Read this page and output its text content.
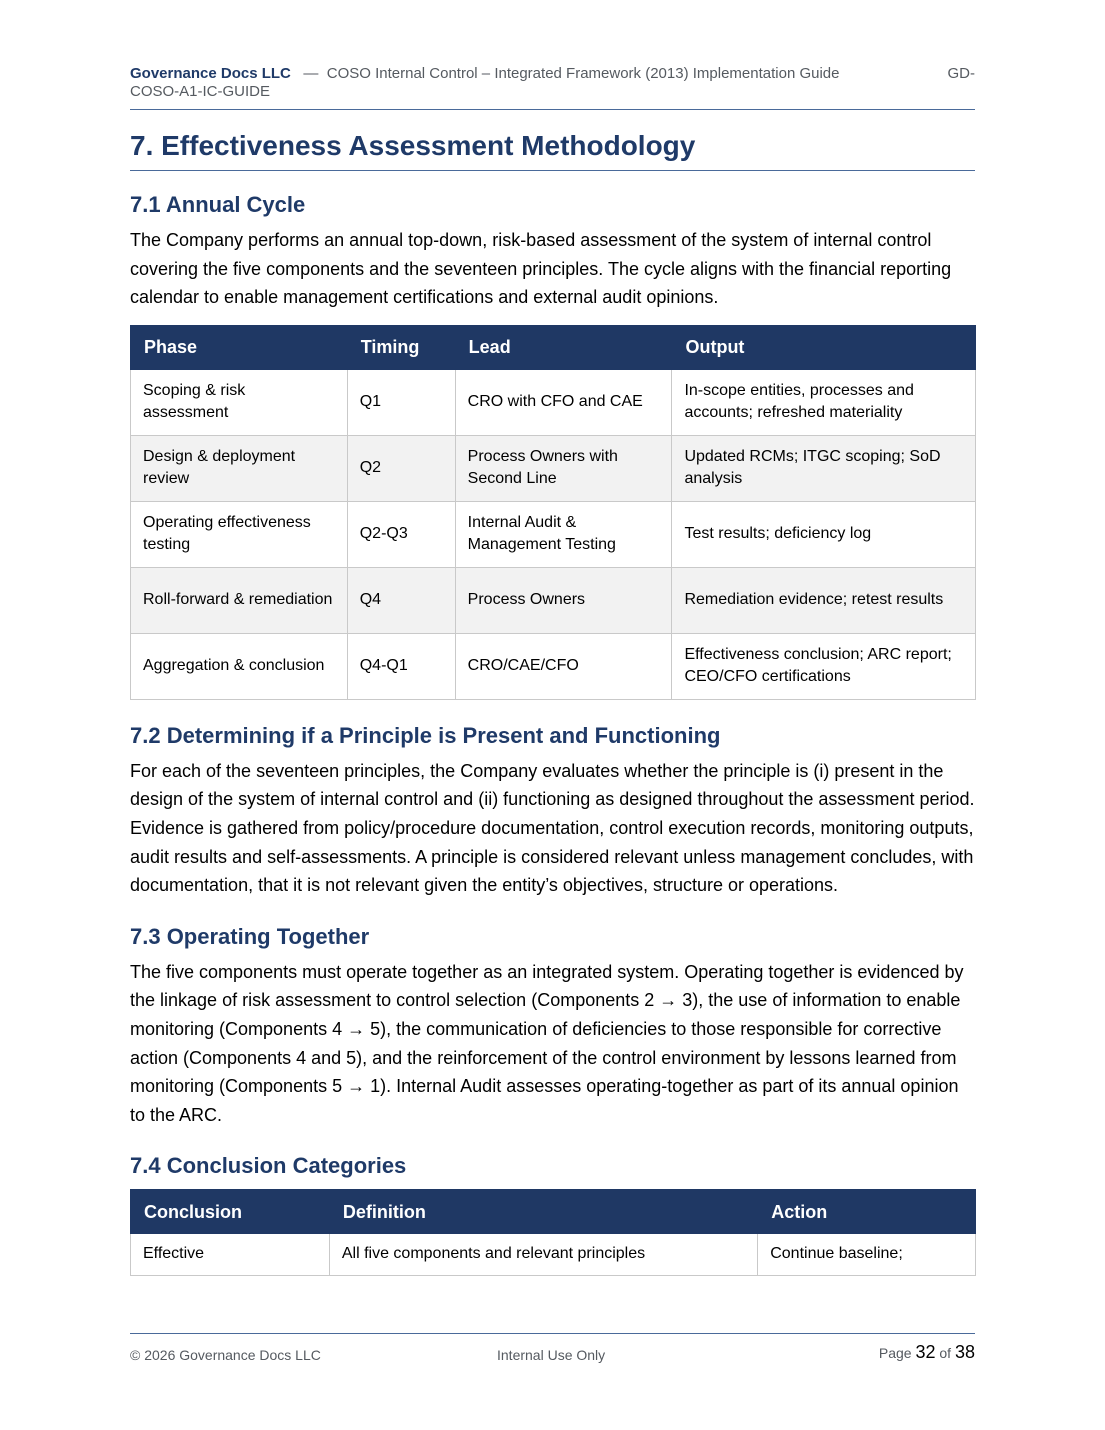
GD-
Governance Docs LLC — COSO Internal Control – Integrated Framework (2013) Implementation Guide
COSO-A1-IC-GUIDE
7. Effectiveness Assessment Methodology
7.1 Annual Cycle

The Company performs an annual top-down, risk-based assessment of the system of internal control covering the five components and the seventeen principles. The cycle aligns with the financial reporting calendar to enable management certifications and external audit opinions.

Phase	Timing	Lead	Output
Scoping & risk assessment	Q1	CRO with CFO and CAE	In-scope entities, processes and accounts; refreshed materiality
Design & deployment review	Q2	Process Owners with Second Line	Updated RCMs; ITGC scoping; SoD analysis
Operating effectiveness testing	Q2-Q3	Internal Audit & Management Testing	Test results; deficiency log
Roll-forward & remediation	Q4	Process Owners	Remediation evidence; retest results
Aggregation & conclusion	Q4-Q1	CRO/CAE/CFO	Effectiveness conclusion; ARC report; CEO/CFO certifications
7.2 Determining if a Principle is Present and Functioning

For each of the seventeen principles, the Company evaluates whether the principle is (i) present in the design of the system of internal control and (ii) functioning as designed throughout the assessment period. Evidence is gathered from policy/procedure documentation, control execution records, monitoring outputs, audit results and self-assessments. A principle is considered relevant unless management concludes, with documentation, that it is not relevant given the entity’s objectives, structure or operations.

7.3 Operating Together

The five components must operate together as an integrated system. Operating together is evidenced by the linkage of risk assessment to control selection (Components 2 → 3), the use of information to enable monitoring (Components 4 → 5), the communication of deficiencies to those responsible for corrective action (Components 4 and 5), and the reinforcement of the control environment by lessons learned from monitoring (Components 5 → 1). Internal Audit assesses operating-together as part of its annual opinion to the ARC.

7.4 Conclusion Categories
Conclusion	Definition	Action
Effective	All five components and relevant principles	Continue baseline;
© 2026 Governance Docs LLC	Internal Use Only	Page 32 of 38
